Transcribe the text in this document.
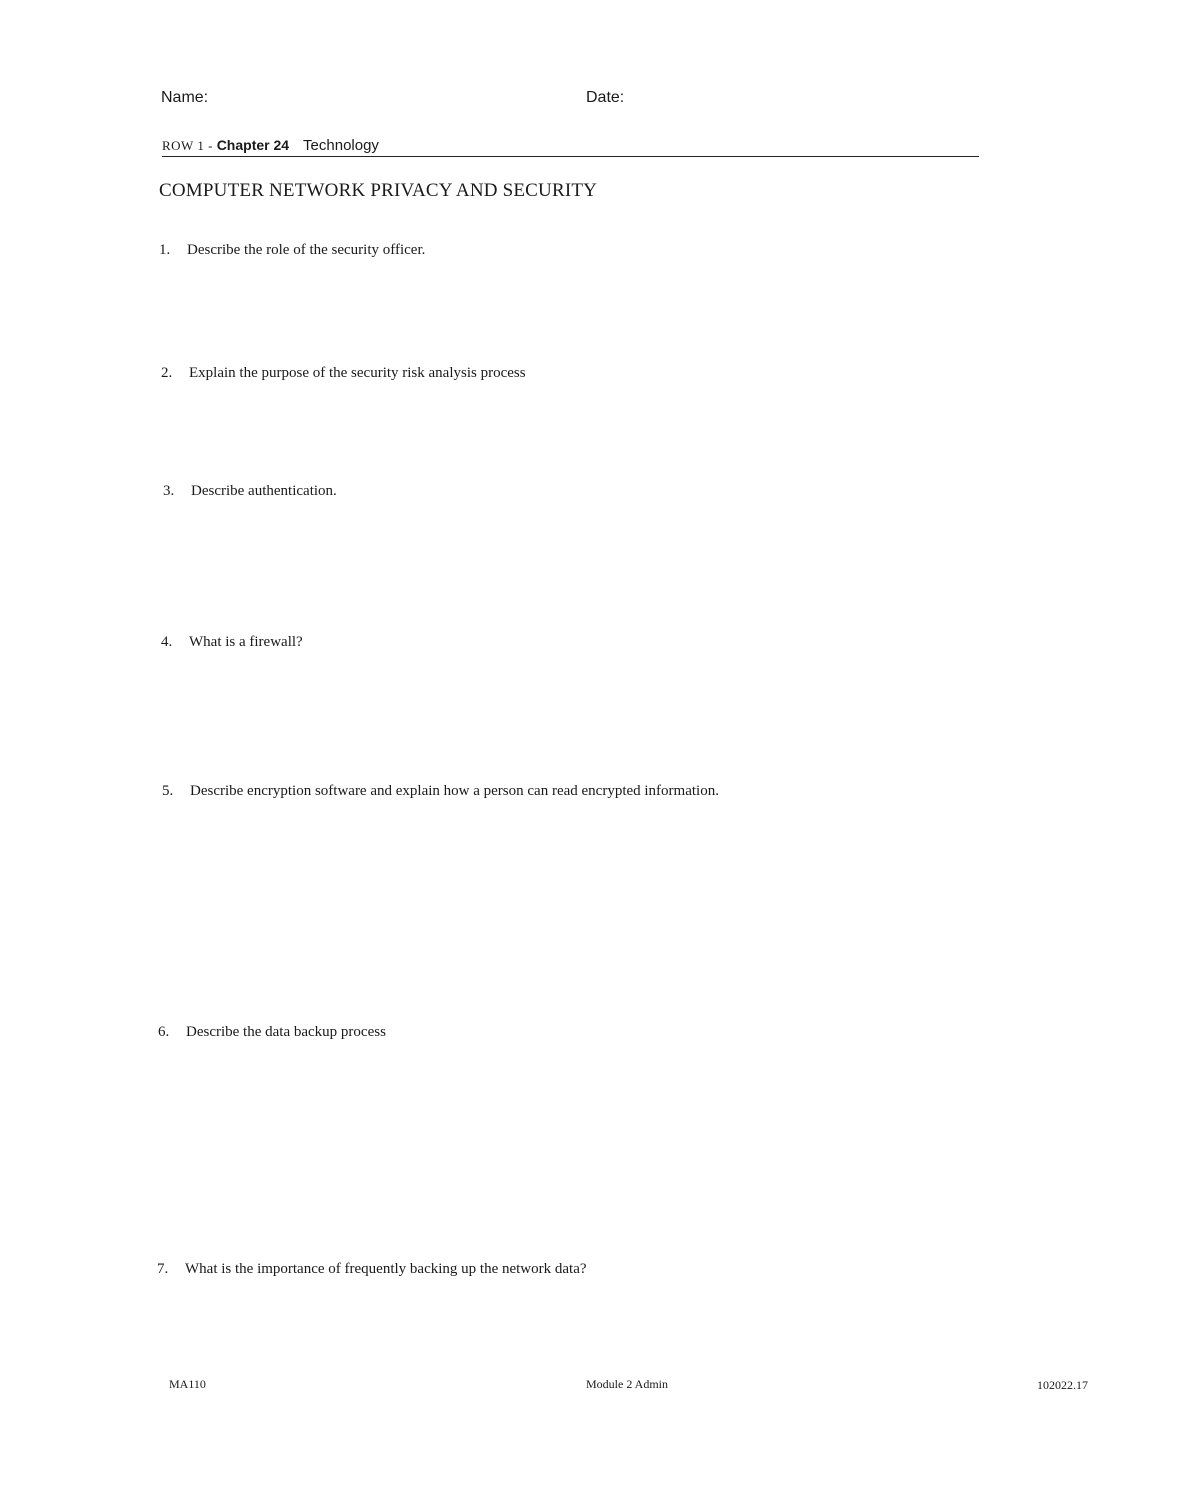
Name:	Date:
ROW 1 - Chapter 24 Technology
COMPUTER NETWORK PRIVACY AND SECURITY
1. Describe the role of the security officer.
2. Explain the purpose of the security risk analysis process
3. Describe authentication.
4. What is a firewall?
5. Describe encryption software and explain how a person can read encrypted information.
6. Describe the data backup process
7. What is the importance of frequently backing up the network data?
MA110	Module 2 Admin	102022.17
